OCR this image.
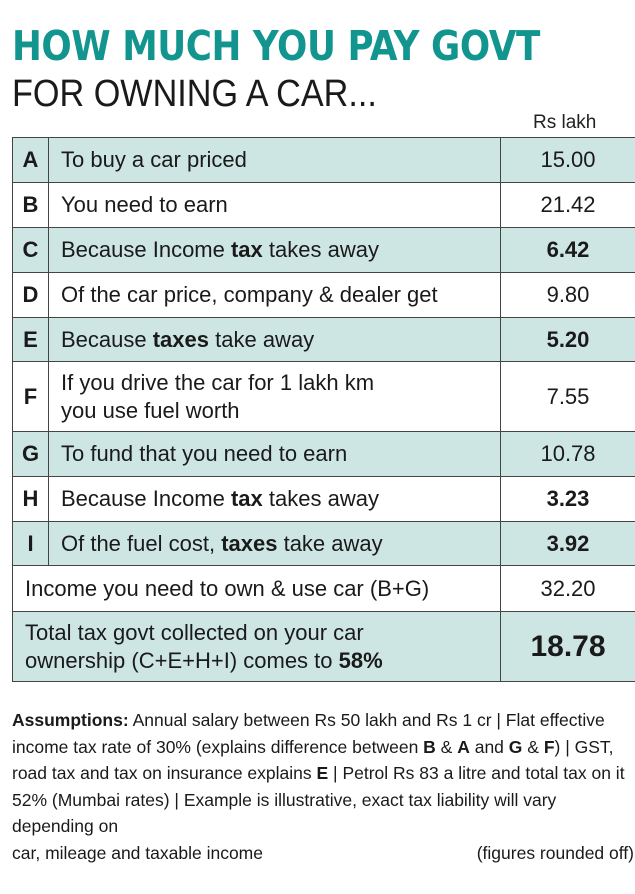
HOW MUCH YOU PAY GOVT
FOR OWNING A CAR...
Rs lakh
A	To buy a car priced	15.00
B	You need to earn	21.42
C	Because Income tax takes away	6.42
D	Of the car price, company & dealer get	9.80
E	Because taxes take away	5.20
F	If you drive the car for 1 lakh km
you use fuel worth	7.55
G	To fund that you need to earn	10.78
H	Because Income tax takes away	3.23
I	Of the fuel cost, taxes take away	3.92
Income you need to own & use car (B+G)		32.20
Total tax govt collected on your car
ownership (C+E+H+I) comes to 58%		18.78
Assumptions: Annual salary between Rs 50 lakh and Rs 1 cr | Flat effective income tax rate of 30% (explains difference between B & A and G & F) | GST, road tax and tax on insurance explains E | Petrol Rs 83 a litre and total tax on it 52% (Mumbai rates) | Example is illustrative, exact tax liability will vary depending on
car, mileage and taxable income	(figures rounded off)
